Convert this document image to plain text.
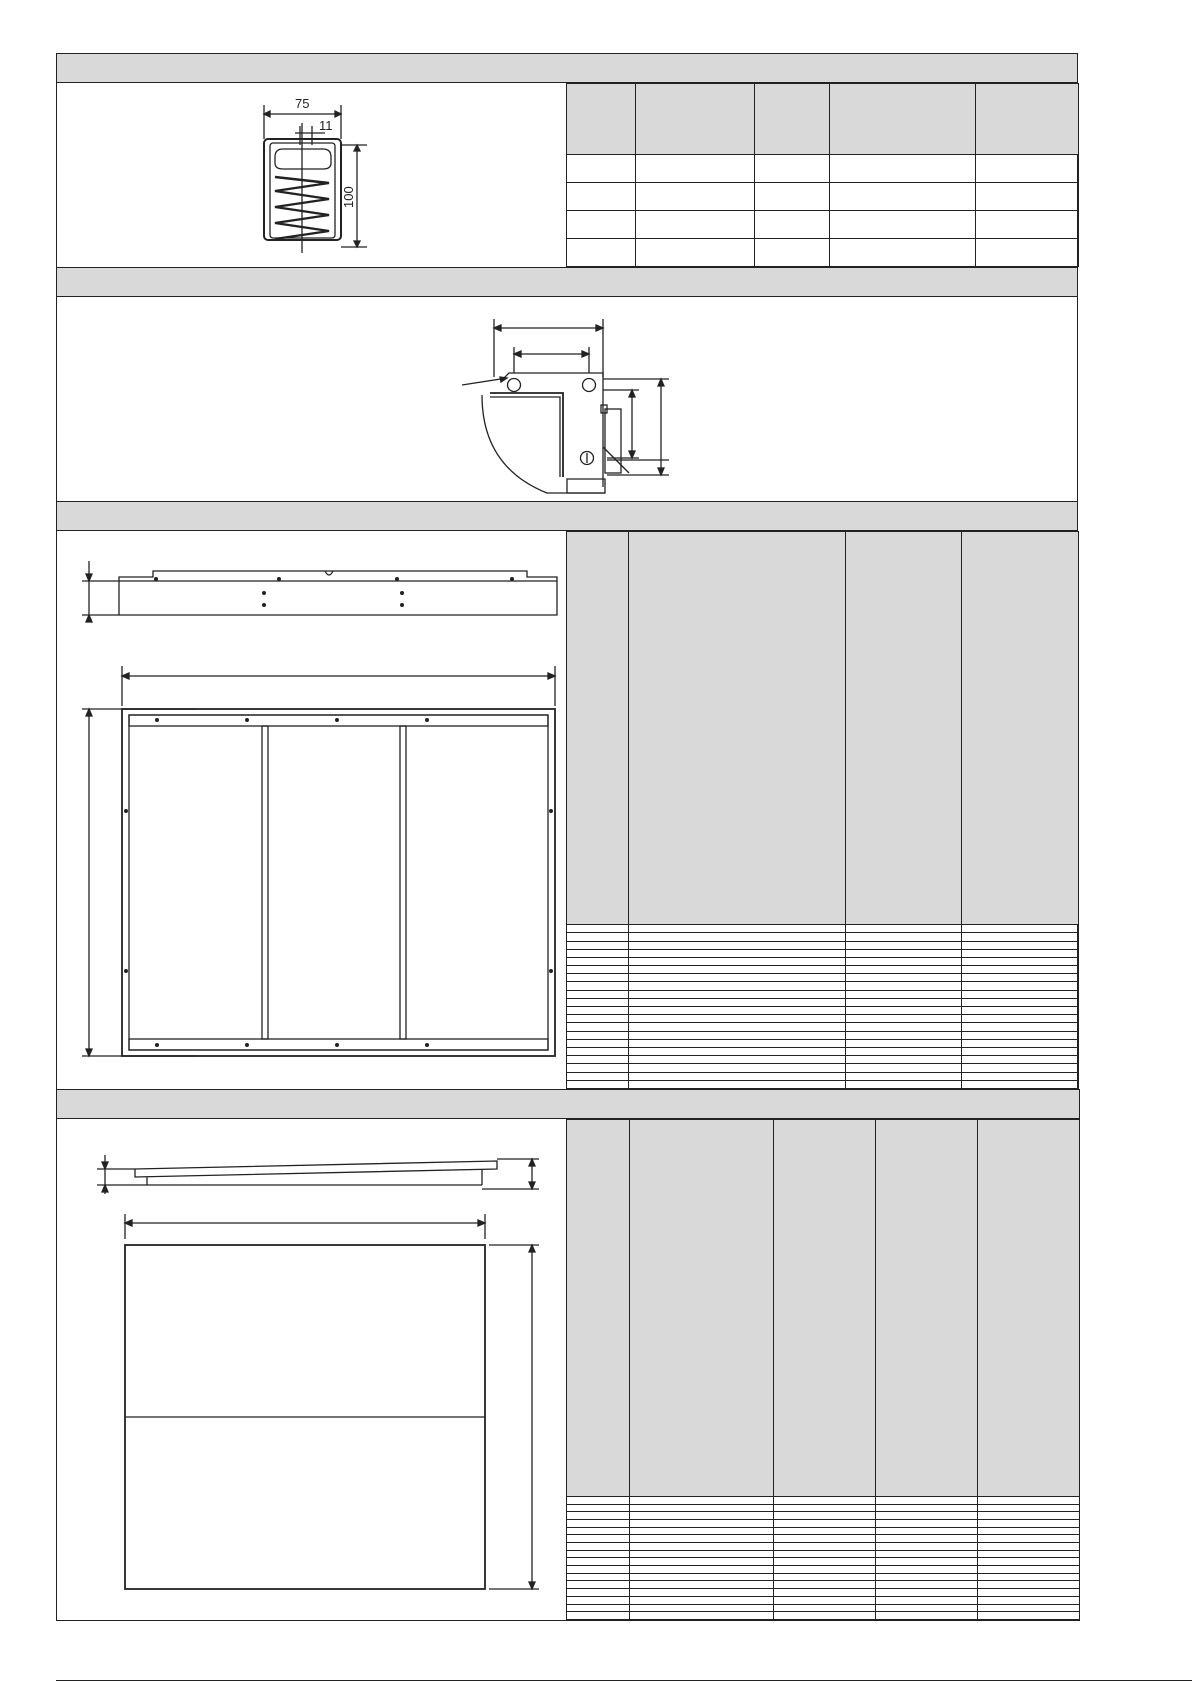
75
11
100
